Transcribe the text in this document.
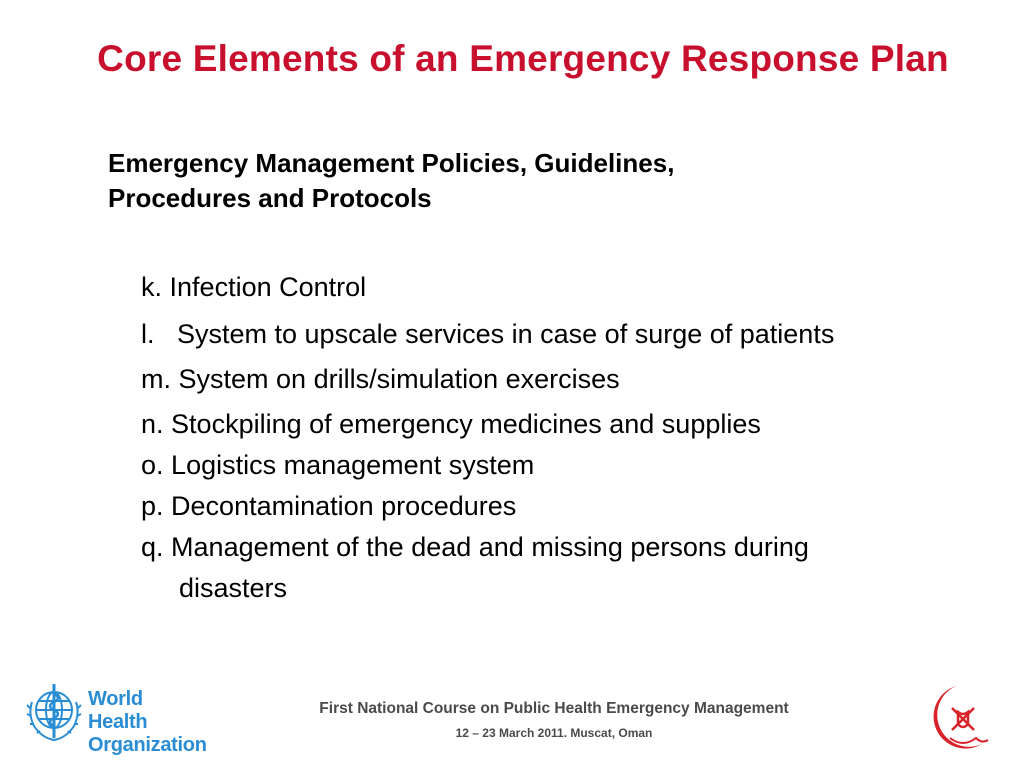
Core Elements of an Emergency Response Plan
Emergency Management Policies, Guidelines,
Procedures and Protocols
k. Infection Control
l. System to upscale services in case of surge of patients
m. System on drills/simulation exercises
n. Stockpiling of emergency medicines and supplies
o. Logistics management system
p. Decontamination procedures
q. Management of the dead and missing persons during
disasters
World Health
Organization
First National Course on Public Health Emergency Management
12 – 23 March 2011. Muscat, Oman
